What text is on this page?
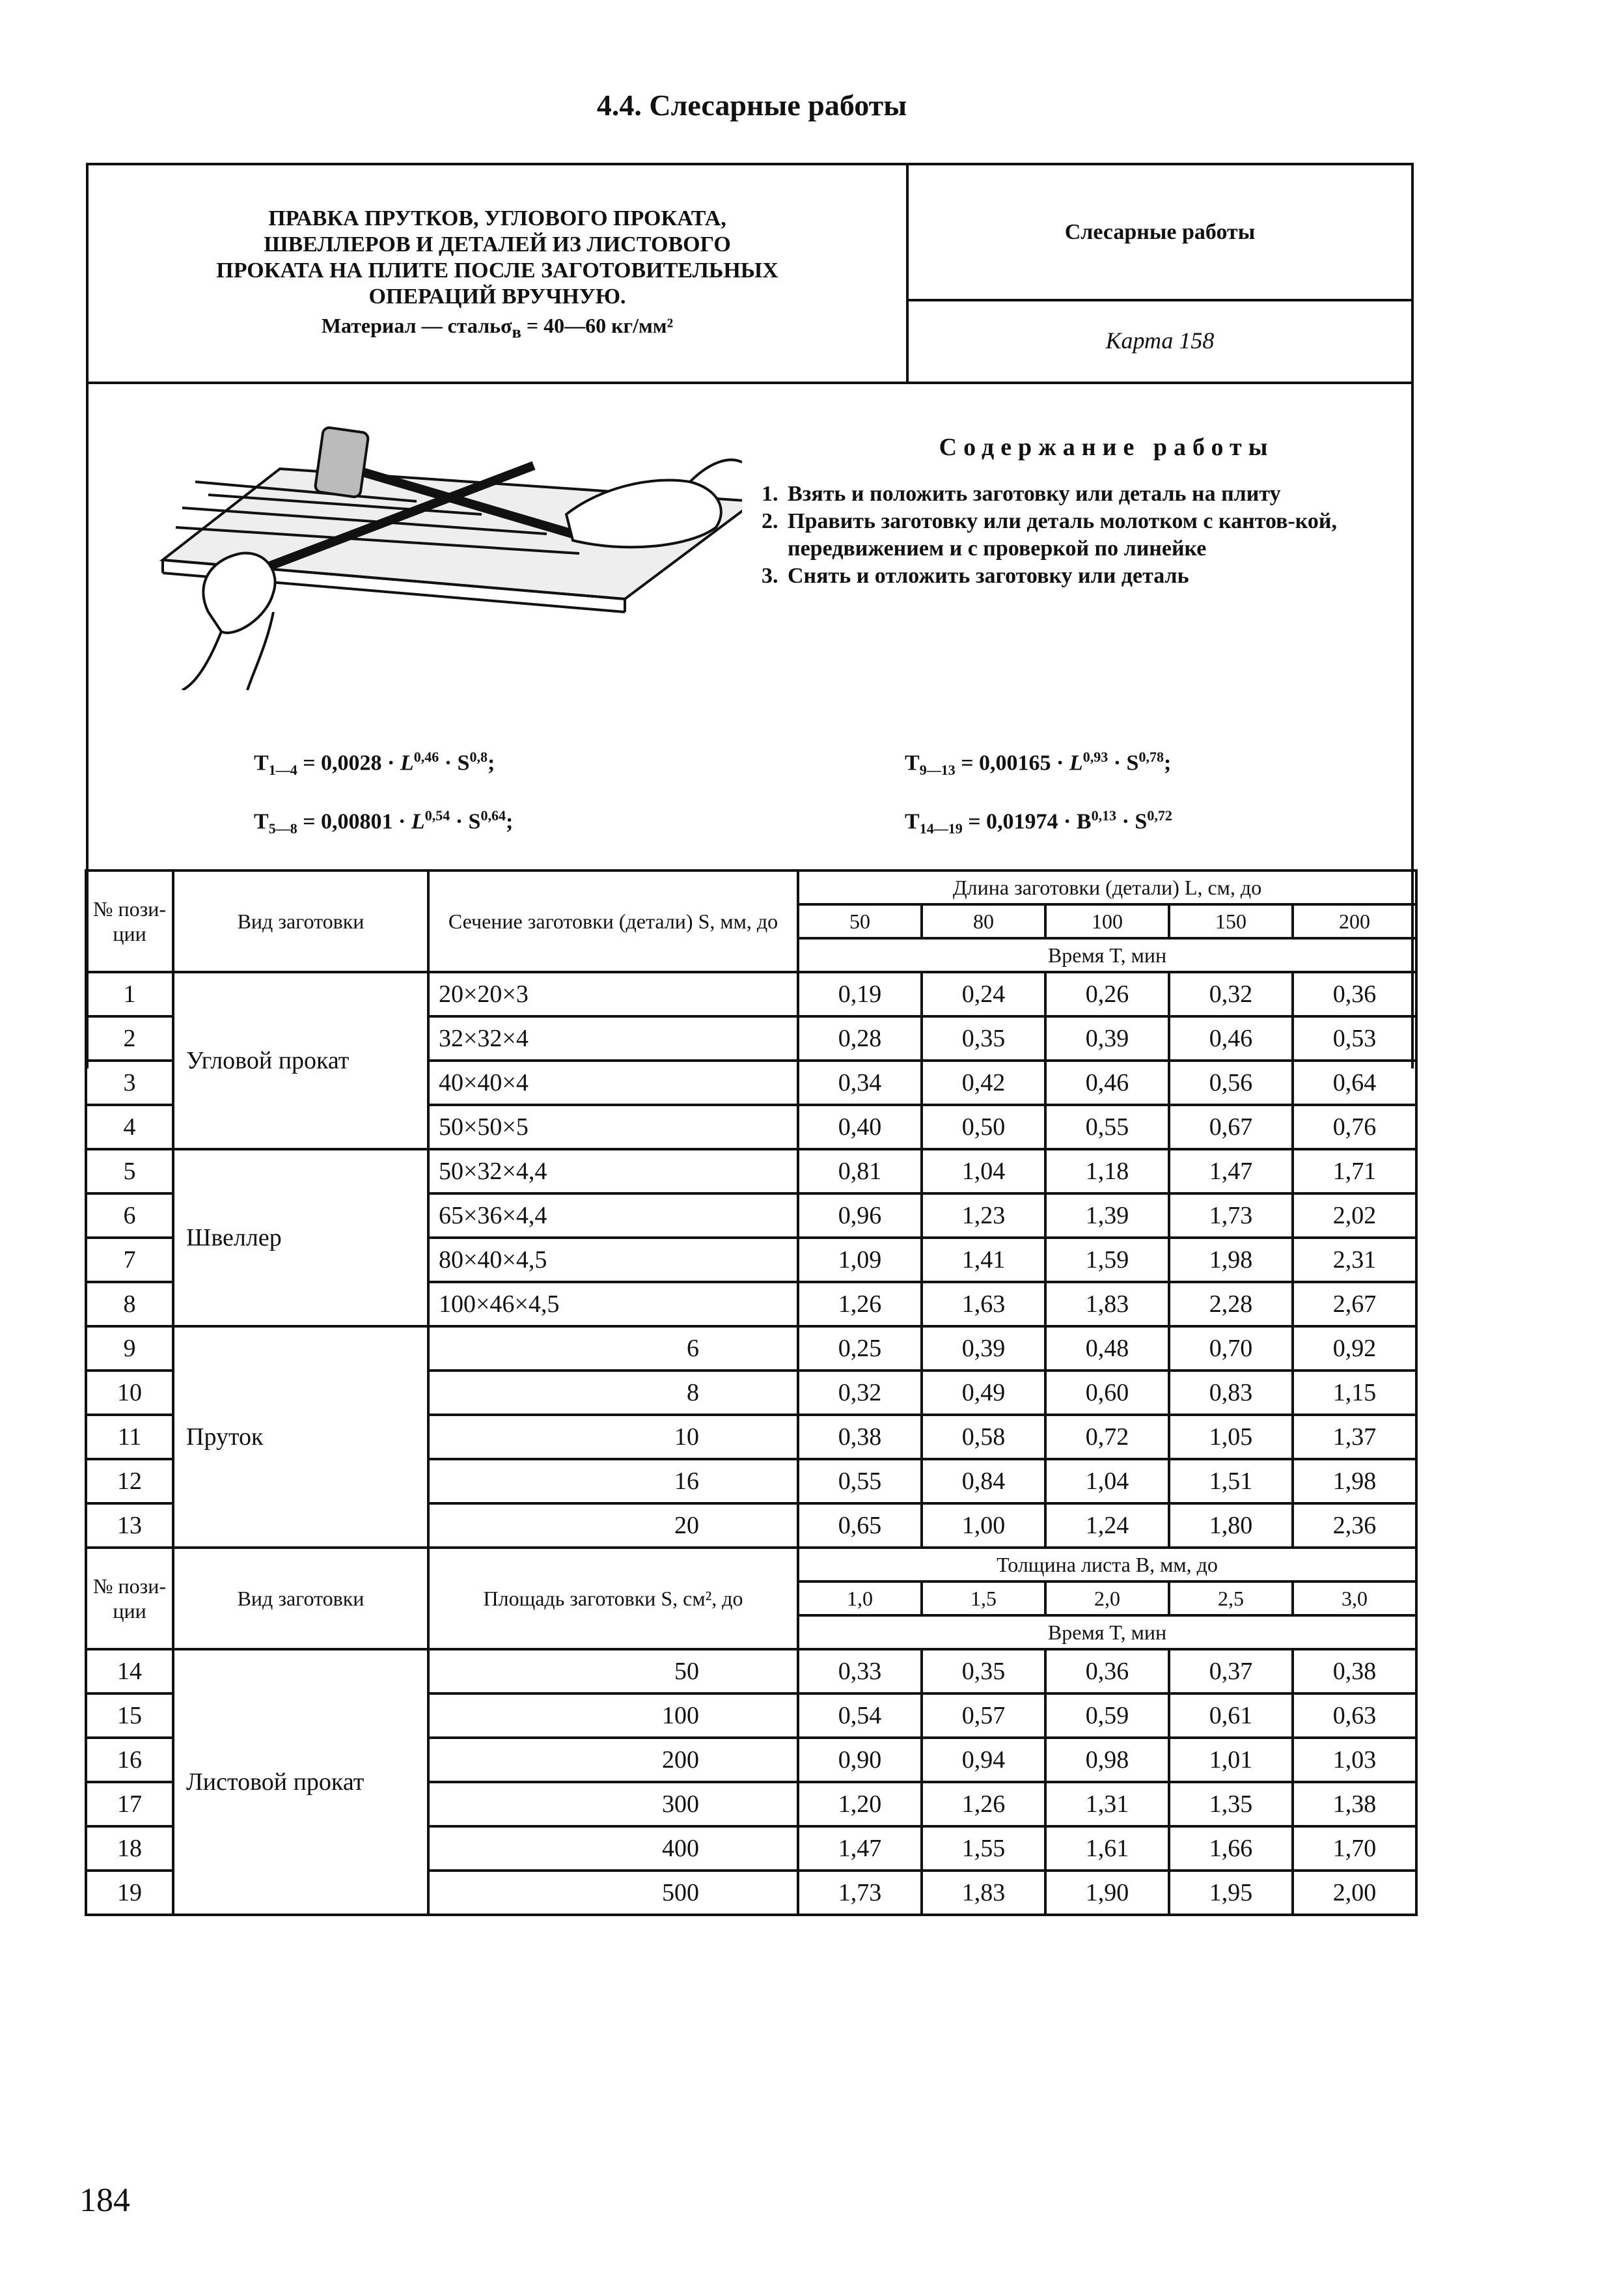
4.4. Слесарные работы
ПРАВКА ПРУТКОВ, УГЛОВОГО ПРОКАТА,
ШВЕЛЛЕРОВ И ДЕТАЛЕЙ ИЗ ЛИСТОВОГО
ПРОКАТА НА ПЛИТЕ ПОСЛЕ ЗАГОТОВИТЕЛЬНЫХ
ОПЕРАЦИЙ ВРУЧНУЮ.
Материал — стальσ$_в$ = 40—60 кг/мм²
Слесарные работы
Карта 158
Содержание работы
1. Взять и положить заготовку или деталь на плиту
2. Править заготовку или деталь молотком с кантов-кой, передвижением и с проверкой по линейке
3. Снять и отложить заготовку или деталь
$T_{1—4} = 0,0028 \cdot L^{0,46} \cdot S^{0,8}$;
$T_{5—8} = 0,00801 \cdot L^{0,54} \cdot S^{0,64}$;
$T_{9—13} = 0,00165 \cdot L^{0,93} \cdot S^{0,78}$;
$T_{14—19} = 0,01974 \cdot B^{0,13} \cdot S^{0,72}$
№ пози-ции	Вид заготовки	Сечение заготовки (детали) S, мм, до	Длина заготовки (детали) L, см, до				
			50	80	100	150	200
			Время T, мин				
1	Угловой прокат	20×20×3	0,19	0,24	0,26	0,32	0,36
2		32×32×4	0,28	0,35	0,39	0,46	0,53
3		40×40×4	0,34	0,42	0,46	0,56	0,64
4		50×50×5	0,40	0,50	0,55	0,67	0,76
5	Швеллер	50×32×4,4	0,81	1,04	1,18	1,47	1,71
6		65×36×4,4	0,96	1,23	1,39	1,73	2,02
7		80×40×4,5	1,09	1,41	1,59	1,98	2,31
8		100×46×4,5	1,26	1,63	1,83	2,28	2,67
9	Пруток	6	0,25	0,39	0,48	0,70	0,92
10		8	0,32	0,49	0,60	0,83	1,15
11		10	0,38	0,58	0,72	1,05	1,37
12		16	0,55	0,84	1,04	1,51	1,98
13		20	0,65	1,00	1,24	1,80	2,36
№ пози-ции	Вид заготовки	Площадь заготовки S, см², до	Толщина листа B, мм, до				
			1,0	1,5	2,0	2,5	3,0
			Время T, мин				
14	Листовой прокат	50	0,33	0,35	0,36	0,37	0,38
15		100	0,54	0,57	0,59	0,61	0,63
16		200	0,90	0,94	0,98	1,01	1,03
17		300	1,20	1,26	1,31	1,35	1,38
18		400	1,47	1,55	1,61	1,66	1,70
19		500	1,73	1,83	1,90	1,95	2,00
184
